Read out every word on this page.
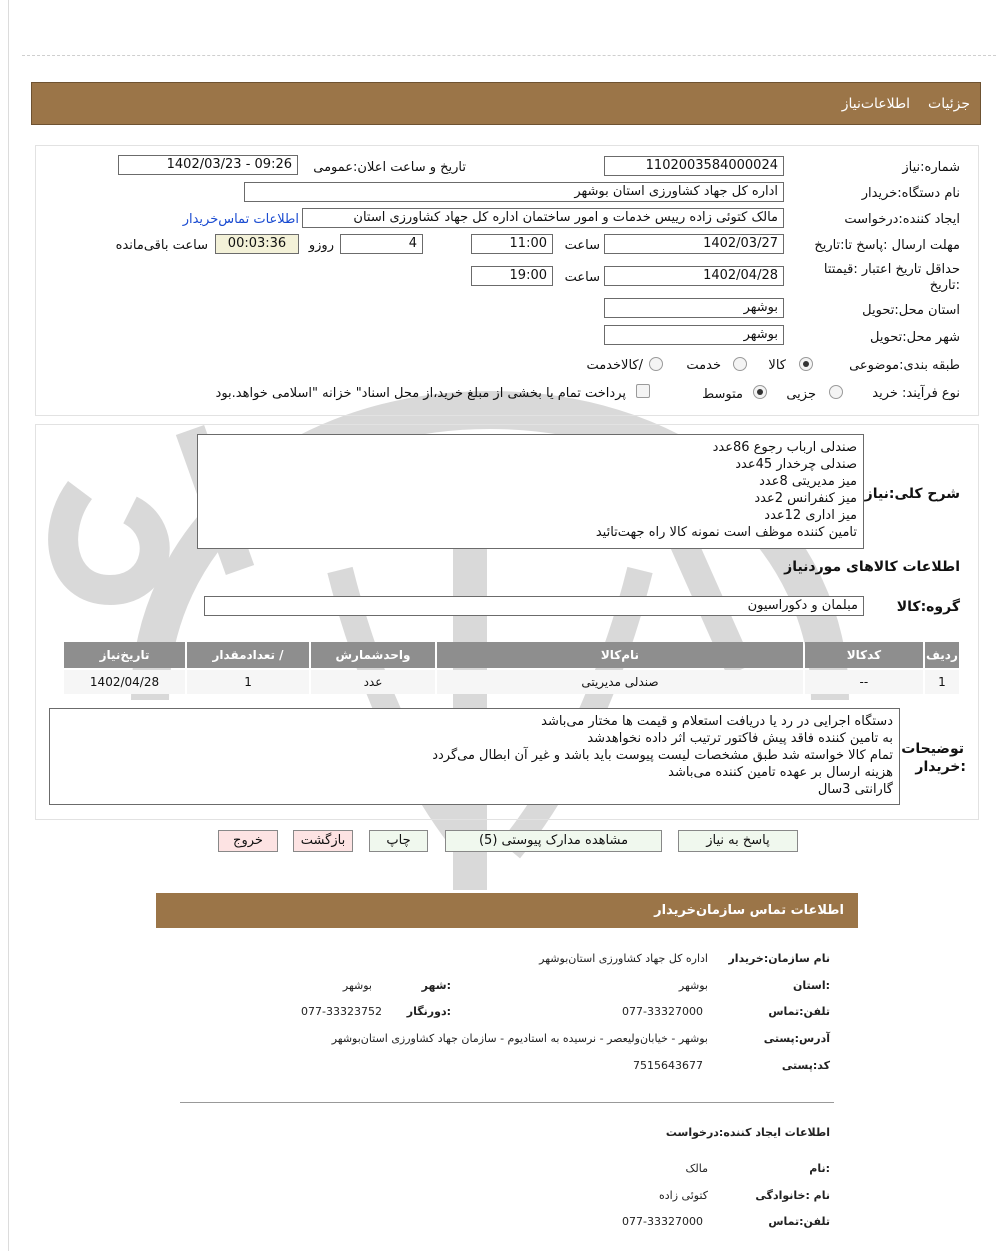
جزئیات
اطلاعات‌نیاز
شماره:نیاز
1102003584000024
تاریخ و ساعت اعلان:عمومی
1402/03/23 - 09:26
نام دستگاه:خریدار
اداره کل جهاد کشاورزی استان بوشهر
ایجاد کننده:درخواست
مالک کتوئی زاده رییس خدمات و امور ساختمان اداره کل جهاد کشاورزی استان
اطلاعات تماس‌خریدار
مهلت ارسال :پاسخ تا:تاریخ
1402/03/27
ساعت
11:00
4
روزو
00:03:36
ساعت باقی‌مانده
حداقل تاریخ اعتبار :قیمتتا
:تاریخ
1402/04/28
ساعت
19:00
استان محل:تحویل
بوشهر
شهر محل:تحویل
بوشهر
طبقه بندی:موضوعی
کالا
خدمت
/کالاخدمت
نوع فرآیند: خرید
جزیی
متوسط
پرداخت تمام یا بخشی از مبلغ خرید،از محل اسناد" خزانه "اسلامی خواهد.بود
شرح کلی:نیاز
صندلی ارباب رجوع 86عدد
صندلی چرخدار 45عدد
میز مدیریتی 8عدد
میز کنفرانس 2عدد
میز اداری 12عدد
تامین کننده موظف است نمونه کالا راه جهت‌تائید
اطلاعات کالاهای موردنیاز
گروه:کالا
مبلمان و دکوراسیون
ردیف	کدکالا	نام‌کالا	واحدشمارش	/ تعدادمقدار	تاریخ‌نیاز
1	--	صندلی مدیریتی	عدد	1	1402/04/28
توضیحات
:خریدار
دستگاه اجرایی در رد یا دریافت استعلام و قیمت ها مختار می‌باشد
به تامین کننده فاقد پیش فاکتور ترتیب اثر داده نخواهدشد
تمام کالا خواسته شد طبق مشخصات لیست پیوست باید باشد و غیر آن ابطال می‌گردد
هزینه ارسال بر عهده تامین کننده می‌باشد
گارانتی 3سال
پاسخ به نیاز
مشاهده مدارک پیوستی (5)
چاپ
بازگشت
خروج
اطلاعات تماس سازمان‌خریدار
نام سازمان:خریدار
اداره کل جهاد کشاورزی استان‌بوشهر
:استان
بوشهر
:شهر
بوشهر
تلفن:تماس
077-33327000
:دورنگار
077-33323752
آدرس:پستی
بوشهر - خیابان‌ولیعصر - نرسیده به استادیوم - سازمان جهاد کشاورزی استان‌بوشهر
کد:پستی
7515643677
اطلاعات ایجاد کننده:درخواست
:نام
مالک
نام :خانوادگی
کتوئی زاده
تلفن:تماس
077-33327000
